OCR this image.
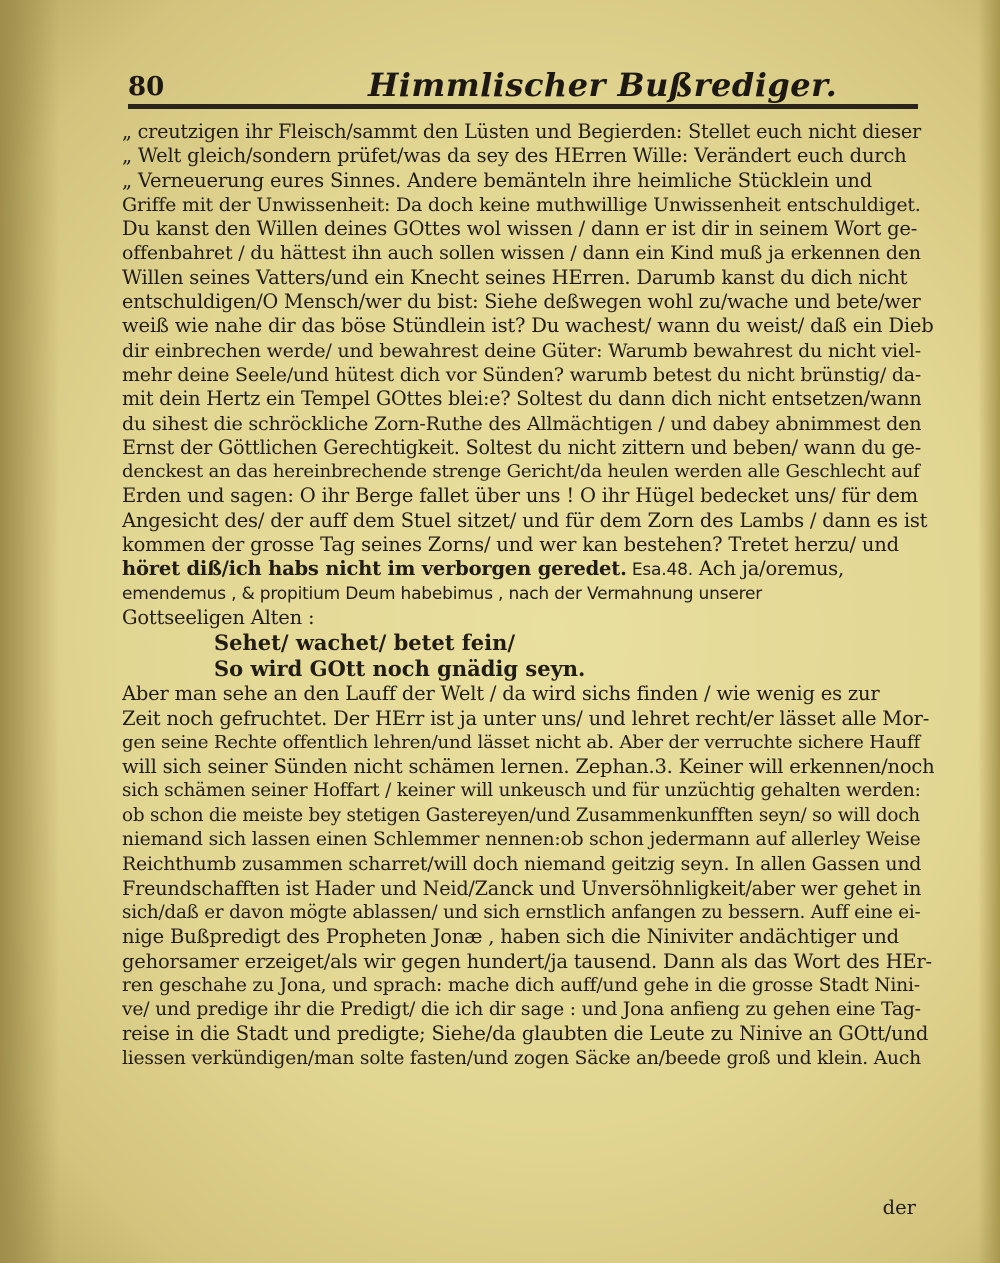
80	Himmlischer Bußrediger.
„ creutzigen ihr Fleisch/sammt den Lüsten und Begierden: Stellet euch nicht dieser
„ Welt gleich/sondern prüfet/was da sey des HErren Wille: Verändert euch durch
„ Verneuerung eures Sinnes. Andere bemänteln ihre heimliche Stücklein und
Griffe mit der Unwissenheit: Da doch keine muthwillige Unwissenheit entschuldiget.
Du kanst den Willen deines GOttes wol wissen / dann er ist dir in seinem Wort ge-
offenbahret / du hättest ihn auch sollen wissen / dann ein Kind muß ja erkennen den
Willen seines Vatters/und ein Knecht seines HErren. Darumb kanst du dich nicht
entschuldigen/O Mensch/wer du bist: Siehe deßwegen wohl zu/wache und bete/wer
weiß wie nahe dir das böse Stündlein ist? Du wachest/ wann du weist/ daß ein Dieb
dir einbrechen werde/ und bewahrest deine Güter: Warumb bewahrest du nicht viel-
mehr deine Seele/und hütest dich vor Sünden? warumb betest du nicht brünstig/ da-
mit dein Hertz ein Tempel GOttes blei:e? Soltest du dann dich nicht entsetzen/wann
du sihest die schröckliche Zorn-Ruthe des Allmächtigen / und dabey abnimmest den
Ernst der Göttlichen Gerechtigkeit. Soltest du nicht zittern und beben/ wann du ge-
denckest an das hereinbrechende strenge Gericht/da heulen werden alle Geschlecht auf
Erden und sagen: O ihr Berge fallet über uns ! O ihr Hügel bedecket uns/ für dem
Angesicht des/ der auff dem Stuel sitzet/ und für dem Zorn des Lambs / dann es ist
kommen der grosse Tag seines Zorns/ und wer kan bestehen? Tretet herzu/ und
höret diß/ich habs nicht im verborgen geredet. Esa.48. Ach ja/oremus,
emendemus , & propitium Deum habebimus , nach der Vermahnung unserer
Gottseeligen Alten :
Sehet/ wachet/ betet fein/
So wird GOtt noch gnädig seyn.
Aber man sehe an den Lauff der Welt / da wird sichs finden / wie wenig es zur
Zeit noch gefruchtet. Der HErr ist ja unter uns/ und lehret recht/er lässet alle Mor-
gen seine Rechte offentlich lehren/und lässet nicht ab. Aber der verruchte sichere Hauff
will sich seiner Sünden nicht schämen lernen. Zephan.3. Keiner will erkennen/noch
sich schämen seiner Hoffart / keiner will unkeusch und für unzüchtig gehalten werden:
ob schon die meiste bey stetigen Gastereyen/und Zusammenkunfften seyn/ so will doch
niemand sich lassen einen Schlemmer nennen:ob schon jedermann auf allerley Weise
Reichthumb zusammen scharret/will doch niemand geitzig seyn. In allen Gassen und
Freundschafften ist Hader und Neid/Zanck und Unversöhnligkeit/aber wer gehet in
sich/daß er davon mögte ablassen/ und sich ernstlich anfangen zu bessern. Auff eine ei-
nige Bußpredigt des Propheten Jonæ , haben sich die Niniviter andächtiger und
gehorsamer erzeiget/als wir gegen hundert/ja tausend. Dann als das Wort des HEr-
ren geschahe zu Jona, und sprach: mache dich auff/und gehe in die grosse Stadt Nini-
ve/ und predige ihr die Predigt/ die ich dir sage : und Jona anfieng zu gehen eine Tag-
reise in die Stadt und predigte; Siehe/da glaubten die Leute zu Ninive an GOtt/und
liessen verkündigen/man solte fasten/und zogen Säcke an/beede groß und klein. Auch
der
